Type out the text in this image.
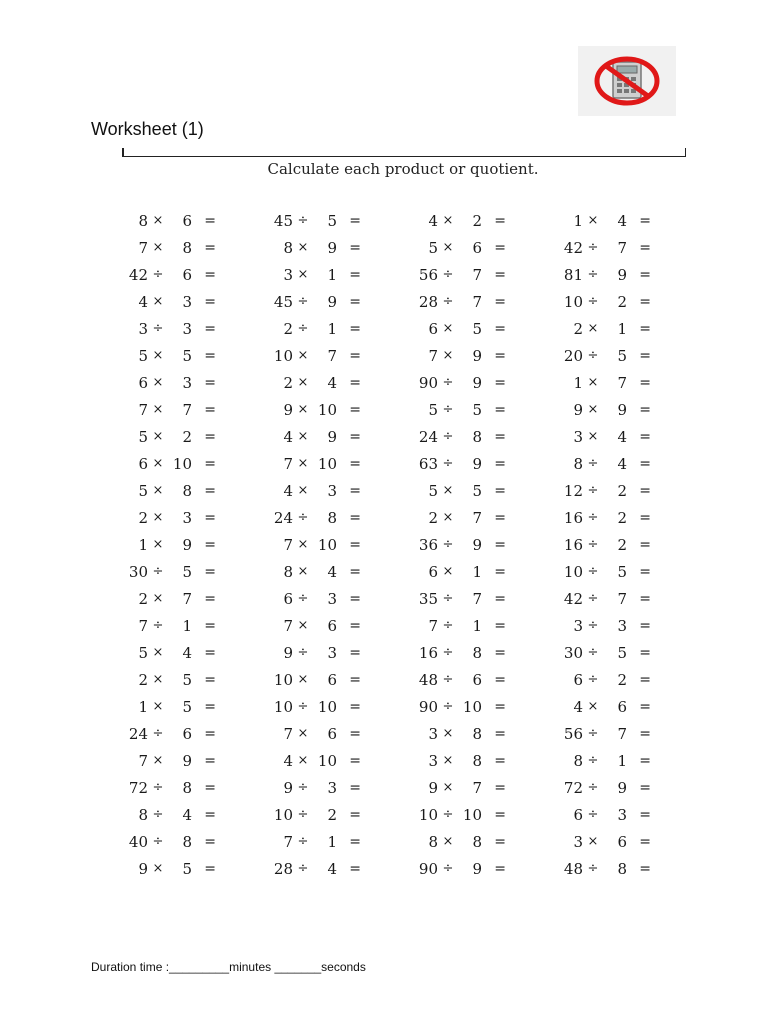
Worksheet (1)
Calculate each product or quotient.
8 ×	6 =	45 ÷	5 =	4 ×	2 =	1 ×	4 =
7 ×	8 =	8 ×	9 =	5 ×	6 =	42 ÷	7 =
42 ÷	6 =	3 ×	1 =	56 ÷	7 =	81 ÷	9 =
4 ×	3 =	45 ÷	9 =	28 ÷	7 =	10 ÷	2 =
3 ÷	3 =	2 ÷	1 =	6 ×	5 =	2 ×	1 =
5 ×	5 =	10 ×	7 =	7 ×	9 =	20 ÷	5 =
6 ×	3 =	2 ×	4 =	90 ÷	9 =	1 ×	7 =
7 ×	7 =	9 × 10 =	5 ÷	5 =	9 ×	9 =
5 ×	2 =	4 ×	9 =	24 ÷	8 =	3 ×	4 =
6 × 10 =	7 × 10 =	63 ÷	9 =	8 ÷	4 =
5 ×	8 =	4 ×	3 =	5 ×	5 =	12 ÷	2 =
2 ×	3 =	24 ÷	8 =	2 ×	7 =	16 ÷	2 =
1 ×	9 =	7 × 10 =	36 ÷	9 =	16 ÷	2 =
30 ÷	5 =	8 ×	4 =	6 ×	1 =	10 ÷	5 =
2 ×	7 =	6 ÷	3 =	35 ÷	7 =	42 ÷	7 =
7 ÷	1 =	7 ×	6 =	7 ÷	1 =	3 ÷	3 =
5 ×	4 =	9 ÷	3 =	16 ÷	8 =	30 ÷	5 =
2 ×	5 =	10 ×	6 =	48 ÷	6 =	6 ÷	2 =
1 ×	5 =	10 ÷ 10 =	90 ÷ 10 =	4 ×	6 =
24 ÷	6 =	7 ×	6 =	3 ×	8 =	56 ÷	7 =
7 ×	9 =	4 × 10 =	3 ×	8 =	8 ÷	1 =
72 ÷	8 =	9 ÷	3 =	9 ×	7 =	72 ÷	9 =
8 ÷	4 =	10 ÷	2 =	10 ÷ 10 =	6 ÷	3 =
40 ÷	8 =	7 ÷	1 =	8 ×	8 =	3 ×	6 =
9 ×	5 =	28 ÷	4 =	90 ÷	9 =	48 ÷	8 =
Duration time :_________minutes _______seconds
